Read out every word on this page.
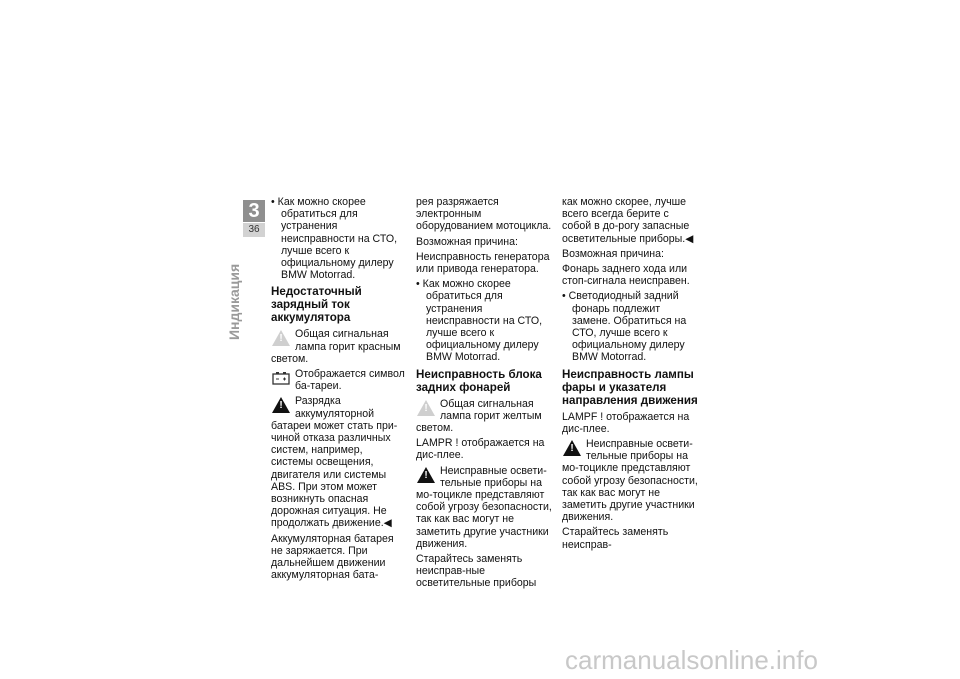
3
36
Индикация

• Как можно скорее обратиться для устранения неисправности на СТО, лучше всего к официальному дилеру BMW Motorrad.

Недостаточный зарядный ток аккумулятора
!	Общая сигнальная лампа горит красным светом.
Отображается символ ба-тареи.
!	Разрядка аккумуляторной батареи может стать при-чиной отказа различных систем, например, системы освещения, двигателя или системы ABS. При этом может возникнуть опасная дорожная ситуация. Не продолжать движение.◀

Аккумуляторная батарея не заряжается. При дальнейшем движении аккумуляторная бата-

рея разряжается электронным оборудованием мотоцикла.

Возможная причина:

Неисправность генератора или привода генератора.

• Как можно скорее обратиться для устранения неисправности на СТО, лучше всего к официальному дилеру BMW Motorrad.

Неисправность блока задних фонарей
!	Общая сигнальная лампа горит желтым светом.

LAMPR ! отображается на дис-плее.

!	Неисправные освети-тельные приборы на мо-тоцикле представляют собой угрозу безопасности, так как вас могут не заметить другие участники движения.

Старайтесь заменять неисправ-ные осветительные приборы

как можно скорее, лучше всего всегда берите с собой в до-рогу запасные осветительные приборы.◀

Возможная причина:

Фонарь заднего хода или стоп-сигнала неисправен.

• Светодиодный задний фонарь подлежит замене. Обратиться на СТО, лучше всего к официальному дилеру BMW Motorrad.

Неисправность лампы фары и указателя направления движения

LAMPF ! отображается на дис-плее.

!	Неисправные освети-тельные приборы на мо-тоцикле представляют собой угрозу безопасности, так как вас могут не заметить другие участники движения.

Старайтесь заменять неисправ-

carmanualsonline.info
